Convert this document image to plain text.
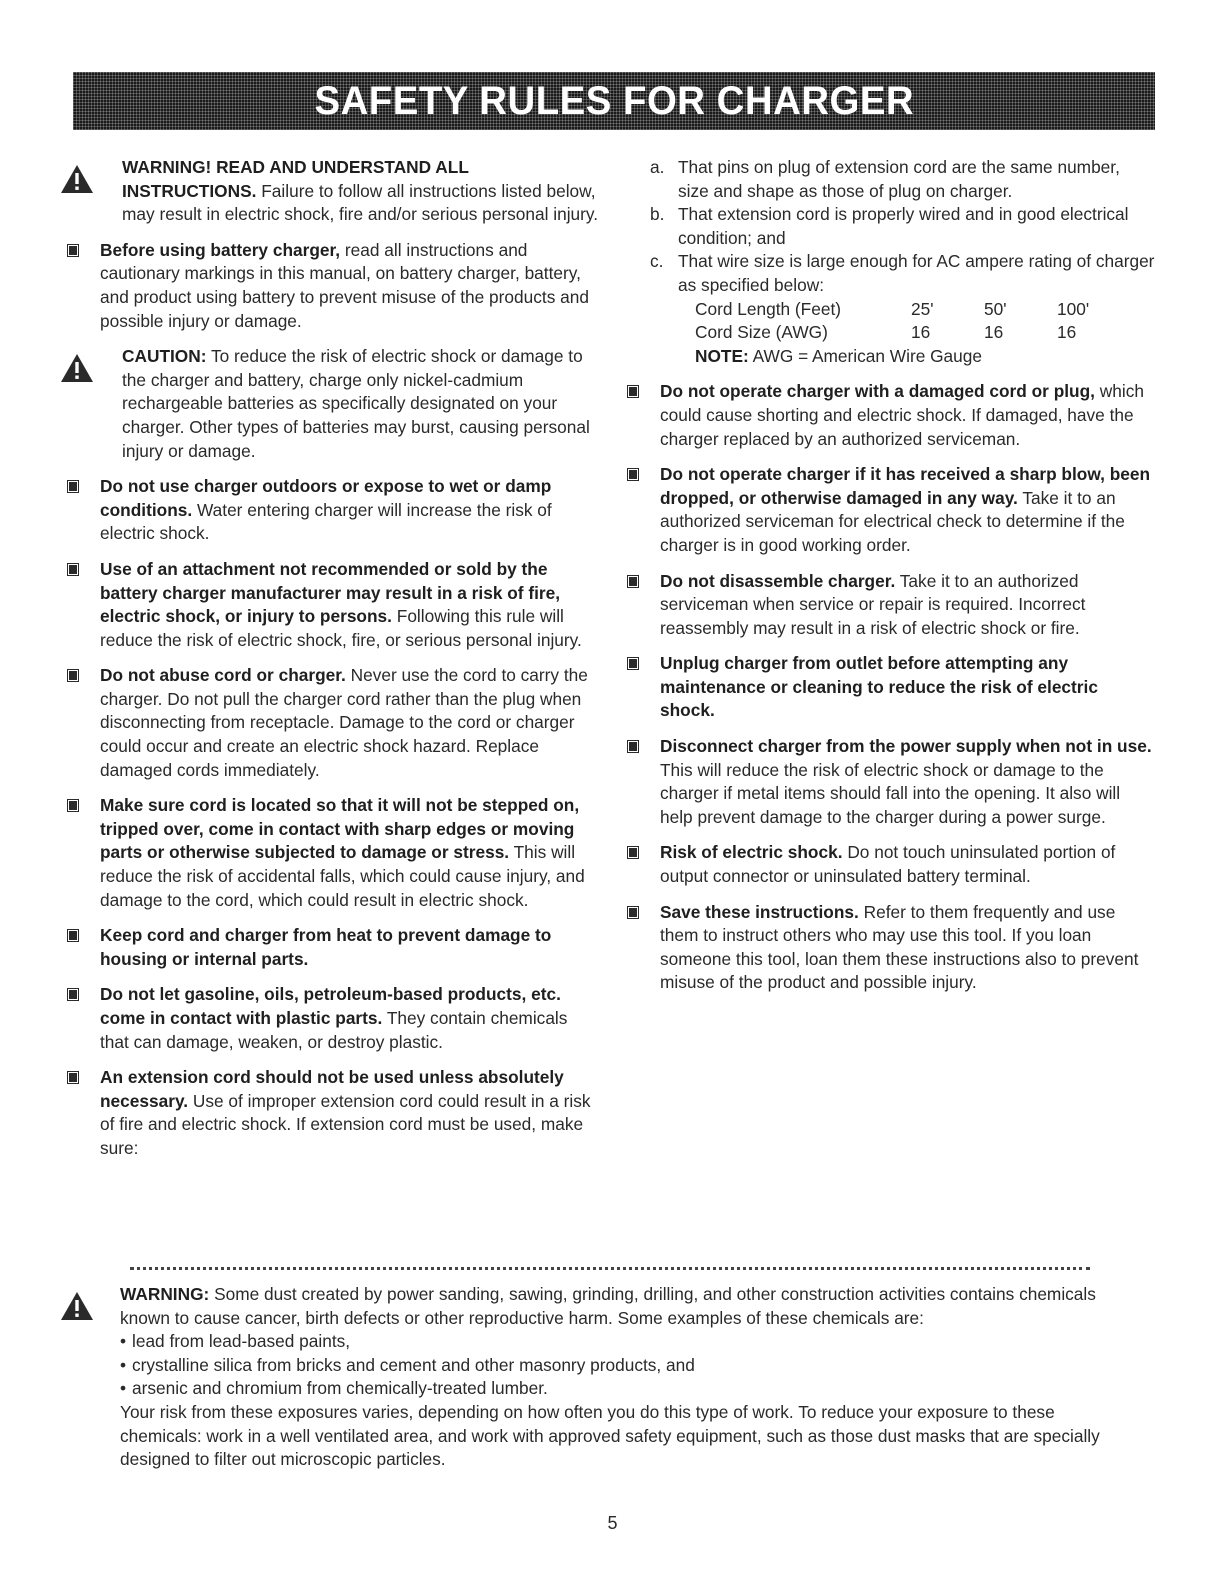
SAFETY RULES FOR CHARGER
WARNING! READ AND UNDERSTAND ALL INSTRUCTIONS. Failure to follow all instructions listed below, may result in electric shock, fire and/or serious personal injury.
Before using battery charger, read all instructions and cautionary markings in this manual, on battery charger, battery, and product using battery to prevent misuse of the products and possible injury or damage.
CAUTION: To reduce the risk of electric shock or damage to the charger and battery, charge only nickel-cadmium rechargeable batteries as specifically designated on your charger. Other types of batteries may burst, causing personal injury or damage.
Do not use charger outdoors or expose to wet or damp conditions. Water entering charger will increase the risk of electric shock.
Use of an attachment not recommended or sold by the battery charger manufacturer may result in a risk of fire, electric shock, or injury to persons. Following this rule will reduce the risk of electric shock, fire, or serious personal injury.
Do not abuse cord or charger. Never use the cord to carry the charger. Do not pull the charger cord rather than the plug when disconnecting from receptacle. Damage to the cord or charger could occur and create an electric shock hazard. Replace damaged cords immediately.
Make sure cord is located so that it will not be stepped on, tripped over, come in contact with sharp edges or moving parts or otherwise subjected to damage or stress. This will reduce the risk of accidental falls, which could cause injury, and damage to the cord, which could result in electric shock.
Keep cord and charger from heat to prevent damage to housing or internal parts.
Do not let gasoline, oils, petroleum-based products, etc. come in contact with plastic parts. They contain chemicals that can damage, weaken, or destroy plastic.
An extension cord should not be used unless absolutely necessary. Use of improper extension cord could result in a risk of fire and electric shock. If extension cord must be used, make sure:
a. That pins on plug of extension cord are the same number, size and shape as those of plug on charger.
b. That extension cord is properly wired and in good electrical condition; and
c. That wire size is large enough for AC ampere rating of charger as specified below:
Cord Length (Feet)	25'	50'	100'
Cord Size (AWG)	16	16	16
NOTE: AWG = American Wire Gauge
Do not operate charger with a damaged cord or plug, which could cause shorting and electric shock. If damaged, have the charger replaced by an authorized serviceman.
Do not operate charger if it has received a sharp blow, been dropped, or otherwise damaged in any way. Take it to an authorized serviceman for electrical check to determine if the charger is in good working order.
Do not disassemble charger. Take it to an authorized serviceman when service or repair is required. Incorrect reassembly may result in a risk of electric shock or fire.
Unplug charger from outlet before attempting any maintenance or cleaning to reduce the risk of electric shock.
Disconnect charger from the power supply when not in use. This will reduce the risk of electric shock or damage to the charger if metal items should fall into the opening. It also will help prevent damage to the charger during a power surge.
Risk of electric shock. Do not touch uninsulated portion of output connector or uninsulated battery terminal.
Save these instructions. Refer to them frequently and use them to instruct others who may use this tool. If you loan someone this tool, loan them these instructions also to prevent misuse of the product and possible injury.
WARNING: Some dust created by power sanding, sawing, grinding, drilling, and other construction activities contains chemicals known to cause cancer, birth defects or other reproductive harm. Some examples of these chemicals are:
• lead from lead-based paints,
• crystalline silica from bricks and cement and other masonry products, and
• arsenic and chromium from chemically-treated lumber.
Your risk from these exposures varies, depending on how often you do this type of work. To reduce your exposure to these chemicals: work in a well ventilated area, and work with approved safety equipment, such as those dust masks that are specially designed to filter out microscopic particles.
5
